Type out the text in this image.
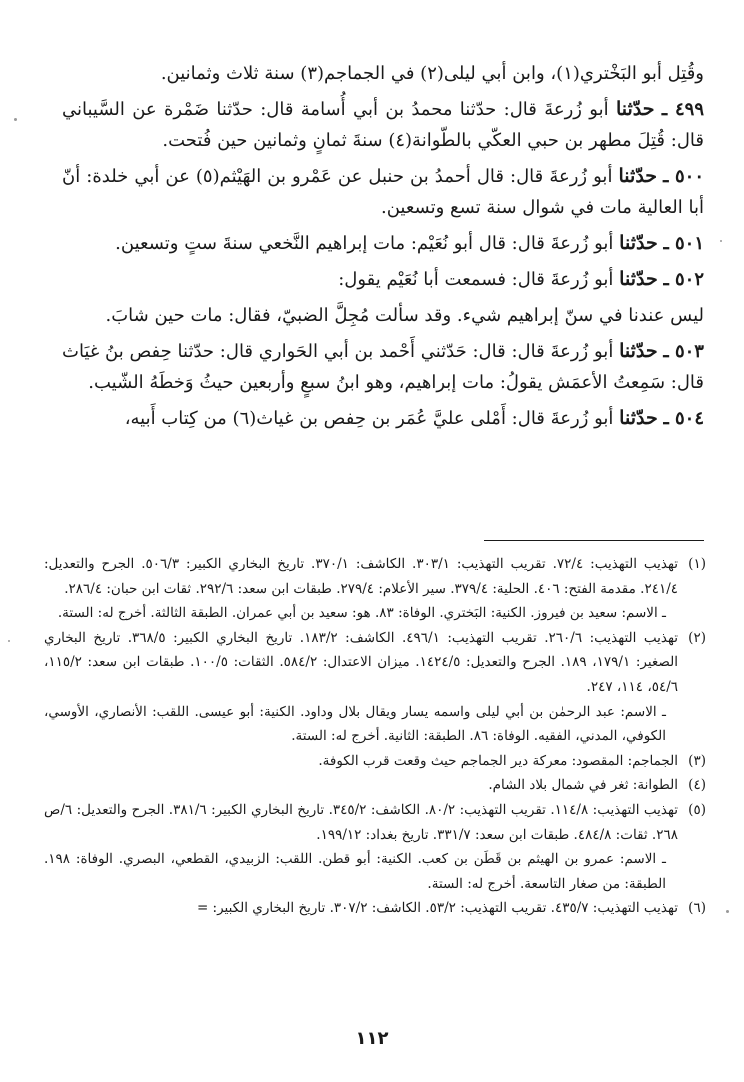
وقُتِل أبو البَخْتري(١)، وابن أبي ليلى(٢) في الجماجم(٣) سنة ثلاث وثمانين.

٤٩٩ ـ حدّثنا أبو زُرعةَ قال: حدّثنا محمدُ بن أبي أُسامة قال: حدّثنا ضَمْرة عن السَّيباني قال: قُتِلَ مطهر بن حبي العكّي بالطّوانة(٤) سنةَ ثمانٍ وثمانين حين فُتحت.

٥٠٠ ـ حدّثنا أبو زُرعةَ قال: قال أحمدُ بن حنبل عن عَمْرو بن الهَيْثم(٥) عن أبي خلدة: أنّ أبا العالية مات في شوال سنة تسع وتسعين.

٥٠١ ـ حدّثنا أبو زُرعةَ قال: قال أبو نُعَيْم: مات إبراهيم النَّخعي سنةَ ستٍ وتسعين.

٥٠٢ ـ حدّثنا أبو زُرعةَ قال: فسمعت أبا نُعَيْم يقول:

ليس عندنا في سنّ إبراهيم شيء. وقد سألت مُجِلَّ الضبيّ، فقال: مات حين شابَ.

٥٠٣ ـ حدّثنا أبو زُرعةَ قال: قال: حَدّثني أَحْمد بن أبي الحَواري قال: حدّثنا حِفص بنُ غيَاث قال: سَمِعتُ الأعمَش يقولُ: مات إبراهيم، وهو ابنُ سبعٍ وأربعين حيثُ وَخطَهُ الشّيب.

٥٠٤ ـ حدّثنا أبو زُرعةَ قال: أَمْلى عليَّ عُمَر بن حِفص بن غياث(٦) من كِتاب أَبيه،

(١)
تهذيب التهذيب: ٧٢/٤. تقريب التهذيب: ٣٠٣/١. الكاشف: ٣٧٠/١. تاريخ البخاري الكبير: ٥٠٦/٣. الجرح والتعديل: ٢٤١/٤. مقدمة الفتح: ٤٠٦. الحلية: ٣٧٩/٤. سير الأعلام: ٢٧٩/٤. طبقات ابن سعد: ٢٩٢/٦. ثقات ابن حبان: ٢٨٦/٤.
ـ الاسم: سعيد بن فيروز. الكنية: البَختري. الوفاة: ٨٣. هو: سعيد بن أبي عمران. الطبقة الثالثة. أخرج له: الستة.
(٢)
تهذيب التهذيب: ٢٦٠/٦. تقريب التهذيب: ٤٩٦/١. الكاشف: ١٨٣/٢. تاريخ البخاري الكبير: ٣٦٨/٥. تاريخ البخاري الصغير: ١٧٩/١، ١٨٩. الجرح والتعديل: ١٤٢٤/٥. ميزان الاعتدال: ٥٨٤/٢. الثقات: ١٠٠/٥. طبقات ابن سعد: ١١٥/٢، ٥٤/٦، ١١٤، ٢٤٧.
ـ الاسم: عبد الرحمٰن بن أبي ليلى واسمه يسار ويقال بلال وداود. الكنية: أبو عيسى. اللقب: الأنصاري، الأوسي، الكوفي، المدني، الفقيه. الوفاة: ٨٦. الطبقة: الثانية. أخرج له: الستة.
(٣)
الجماجم: المقصود: معركة دير الجماجم حيث وقعت قرب الكوفة.
(٤)
الطوانة: ثغر في شمال بلاد الشام.
(٥)
تهذيب التهذيب: ١١٤/٨. تقريب التهذيب: ٨٠/٢. الكاشف: ٣٤٥/٢. تاريخ البخاري الكبير: ٣٨١/٦. الجرح والتعديل: ٦/ص ٢٦٨. ثقات: ٤٨٤/٨. طبقات ابن سعد: ٣٣١/٧. تاريخ بغداد: ١٩٩/١٢.
ـ الاسم: عمرو بن الهيثم بن قَطَن بن كعب. الكنية: أبو قطن. اللقب: الزبيدي، القطعي، البصري. الوفاة: ١٩٨. الطبقة: من صغار التاسعة. أخرج له: الستة.
(٦)
تهذيب التهذيب: ٤٣٥/٧. تقريب التهذيب: ٥٣/٢. الكاشف: ٣٠٧/٢. تاريخ البخاري الكبير: =
١١٢
